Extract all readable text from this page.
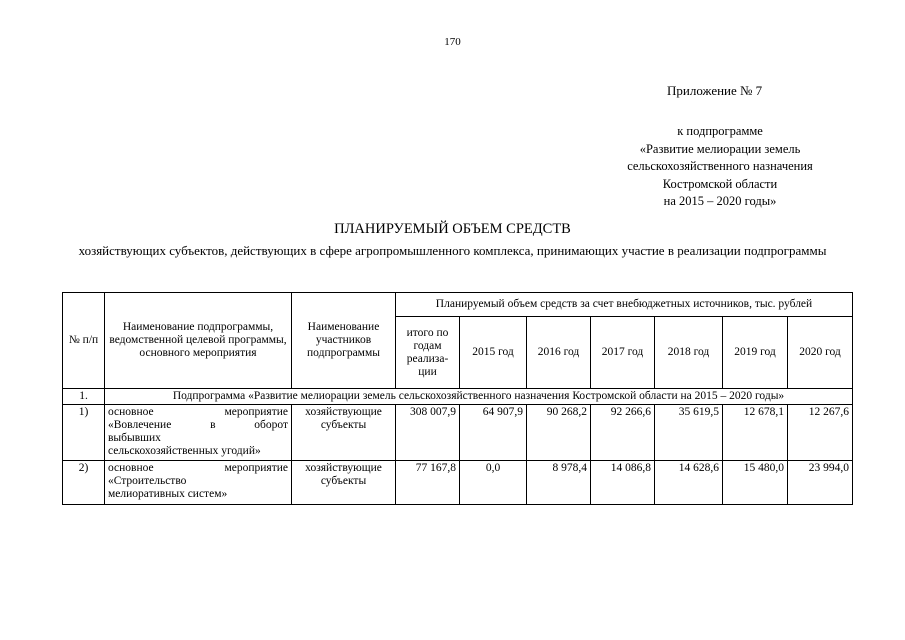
170
Приложение № 7
к подпрограмме
«Развитие мелиорации земель
сельскохозяйственного назначения
Костромской области
на 2015 – 2020 годы»
ПЛАНИРУЕМЫЙ ОБЪЕМ СРЕДСТВ
хозяйствующих субъектов, действующих в сфере агропромышленного комплекса, принимающих участие в реализации подпрограммы
№ п/п	Наименование подпрограммы, ведомственной целевой программы, основного мероприятия	Наименование участников подпрограммы	Планируемый объем средств за счет внебюджетных источников, тыс. рублей						
			итого по годам реализа- ции	2015 год	2016 год	2017 год	2018 год	2019 год	2020 год
1.	Подпрограмма «Развитие мелиорации земель сельскохозяйственного назначения Костромской области на 2015 – 2020 годы»								
1)	основное мероприятие
«Вовлечение в оборот
выбывших
сельскохозяйственных угодий»	хозяйствующие субъекты	308 007,9	64 907,9	90 268,2	92 266,6	35 619,5	12 678,1	12 267,6
2)	основное мероприятие
«Строительство
мелиоративных систем»	хозяйствующие субъекты	77 167,8	0,0	8 978,4	14 086,8	14 628,6	15 480,0	23 994,0
